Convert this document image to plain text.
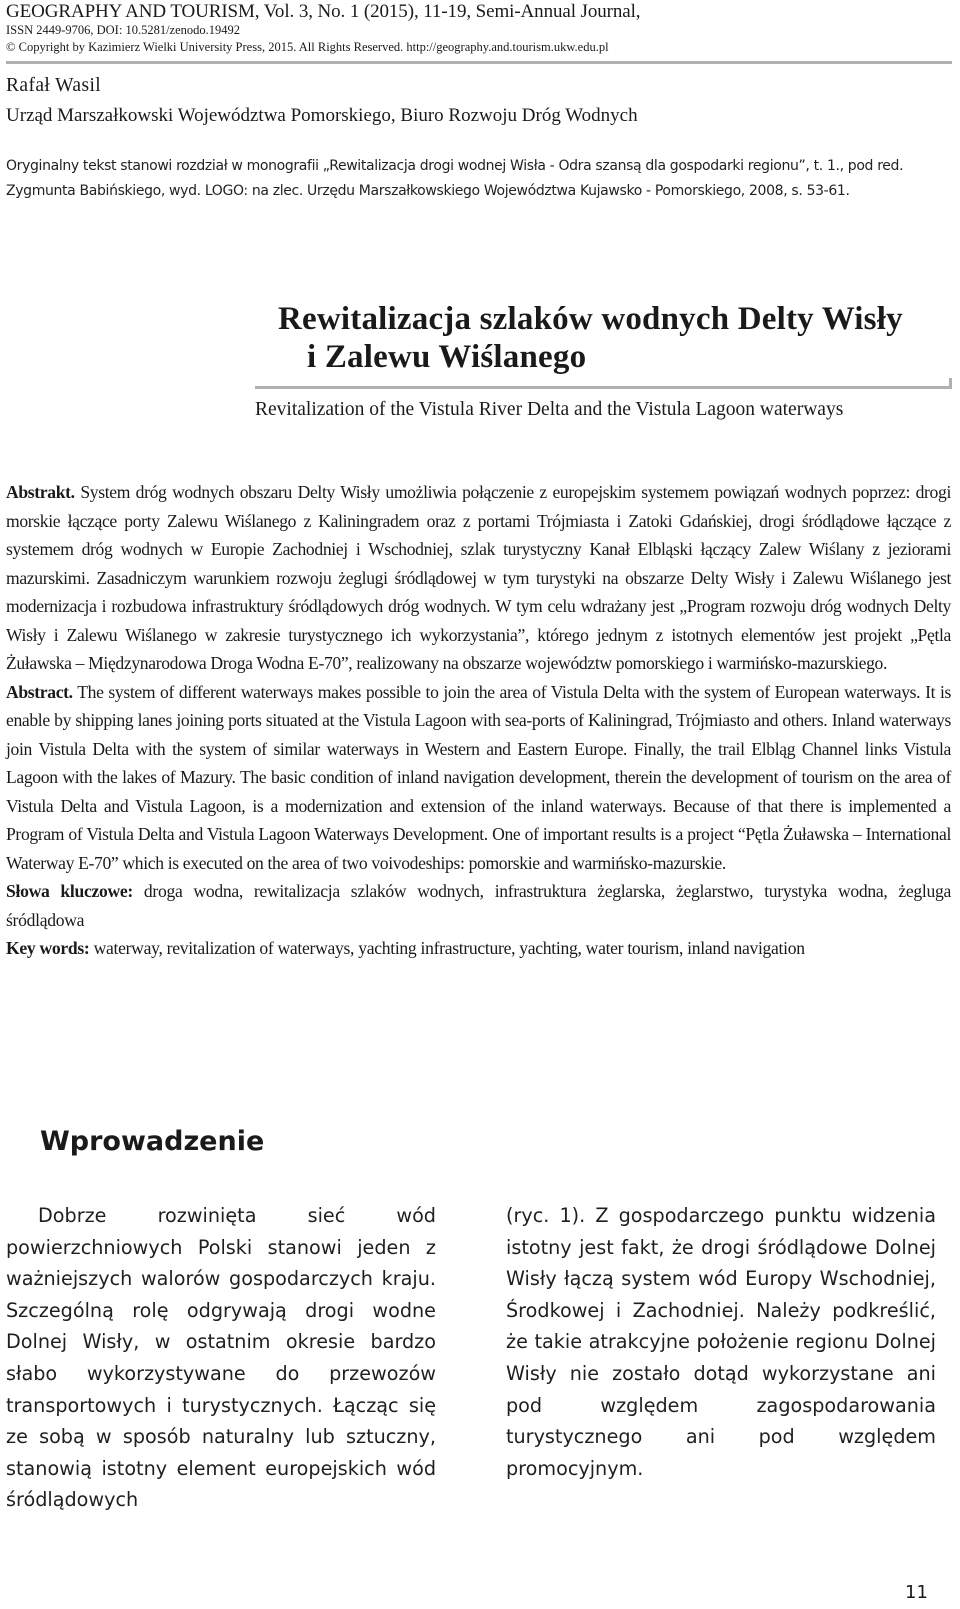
GEOGRAPHY AND TOURISM, Vol. 3, No. 1 (2015), 11-19, Semi-Annual Journal,
ISSN 2449-9706, DOI: 10.5281/zenodo.19492
© Copyright by Kazimierz Wielki University Press, 2015. All Rights Reserved. http://geography.and.tourism.ukw.edu.pl
Rafał Wasil
Urząd Marszałkowski Województwa Pomorskiego, Biuro Rozwoju Dróg Wodnych
Oryginalny tekst stanowi rozdział w monografii „Rewitalizacja drogi wodnej Wisła - Odra szansą dla gospodarki regionu”, t. 1., pod red. Zygmunta Babińskiego, wyd. LOGO: na zlec. Urzędu Marszałkowskiego Województwa Kujawsko - Pomorskiego, 2008, s. 53-61.
Rewitalizacja szlaków wodnych Delty Wisły
i Zalewu Wiślanego
Revitalization of the Vistula River Delta and the Vistula Lagoon waterways

Abstrakt. System dróg wodnych obszaru Delty Wisły umożliwia połączenie z europejskim systemem powiązań wodnych poprzez: drogi morskie łączące porty Zalewu Wiślanego z Kaliningradem oraz z portami Trójmiasta i Zatoki Gdańskiej, drogi śródlądowe łączące z systemem dróg wodnych w Europie Zachodniej i Wschodniej, szlak turystyczny Kanał Elbląski łączący Zalew Wiślany z jeziorami mazurskimi. Zasadniczym warunkiem rozwoju żeglugi śródlądowej w tym turystyki na obszarze Delty Wisły i Zalewu Wiślanego jest modernizacja i rozbudowa infrastruktury śródlądowych dróg wodnych. W tym celu wdrażany jest „Program rozwoju dróg wodnych Delty Wisły i Zalewu Wiślanego w zakresie turystycznego ich wykorzystania”, którego jednym z istotnych elementów jest projekt „Pętla Żuławska – Międzynarodowa Droga Wodna E-70”, realizowany na obszarze województw pomorskiego i warmińsko-mazurskiego.

Abstract. The system of different waterways makes possible to join the area of Vistula Delta with the system of European waterways. It is enable by shipping lanes joining ports situated at the Vistula Lagoon with sea-ports of Kaliningrad, Trójmiasto and others. Inland waterways join Vistula Delta with the system of similar waterways in Western and Eastern Europe. Finally, the trail Elbląg Channel links Vistula Lagoon with the lakes of Mazury. The basic condition of inland navigation development, therein the development of tourism on the area of Vistula Delta and Vistula Lagoon, is a modernization and extension of the inland waterways. Because of that there is implemented a Program of Vistula Delta and Vistula Lagoon Waterways Development. One of important results is a project “Pętla Żuławska – International Waterway E-70” which is executed on the area of two voivodeships: pomorskie and warmińsko-mazurskie.

Słowa kluczowe: droga wodna, rewitalizacja szlaków wodnych, infrastruktura żeglarska, żeglarstwo, turystyka wodna, żegluga śródlądowa

Key words: waterway, revitalization of waterways, yachting infrastructure, yachting, water tourism, inland navigation

Wprowadzenie

Dobrze rozwinięta sieć wód powierzchniowych Polski stanowi jeden z ważniejszych walorów gospodarczych kraju. Szczególną rolę odgrywają drogi wodne Dolnej Wisły, w ostatnim okresie bardzo słabo wykorzystywane do przewozów transportowych i turystycznych. Łącząc się ze sobą w sposób naturalny lub sztuczny, stanowią istotny element europejskich wód śródlądowych

(ryc. 1). Z gospodarczego punktu widzenia istotny jest fakt, że drogi śródlądowe Dolnej Wisły łączą system wód Europy Wschodniej, Środkowej i Zachodniej. Należy podkreślić, że takie atrakcyjne położenie regionu Dolnej Wisły nie zostało dotąd wykorzystane ani pod względem zagospodarowania turystycznego ani pod względem promocyjnym.

11
